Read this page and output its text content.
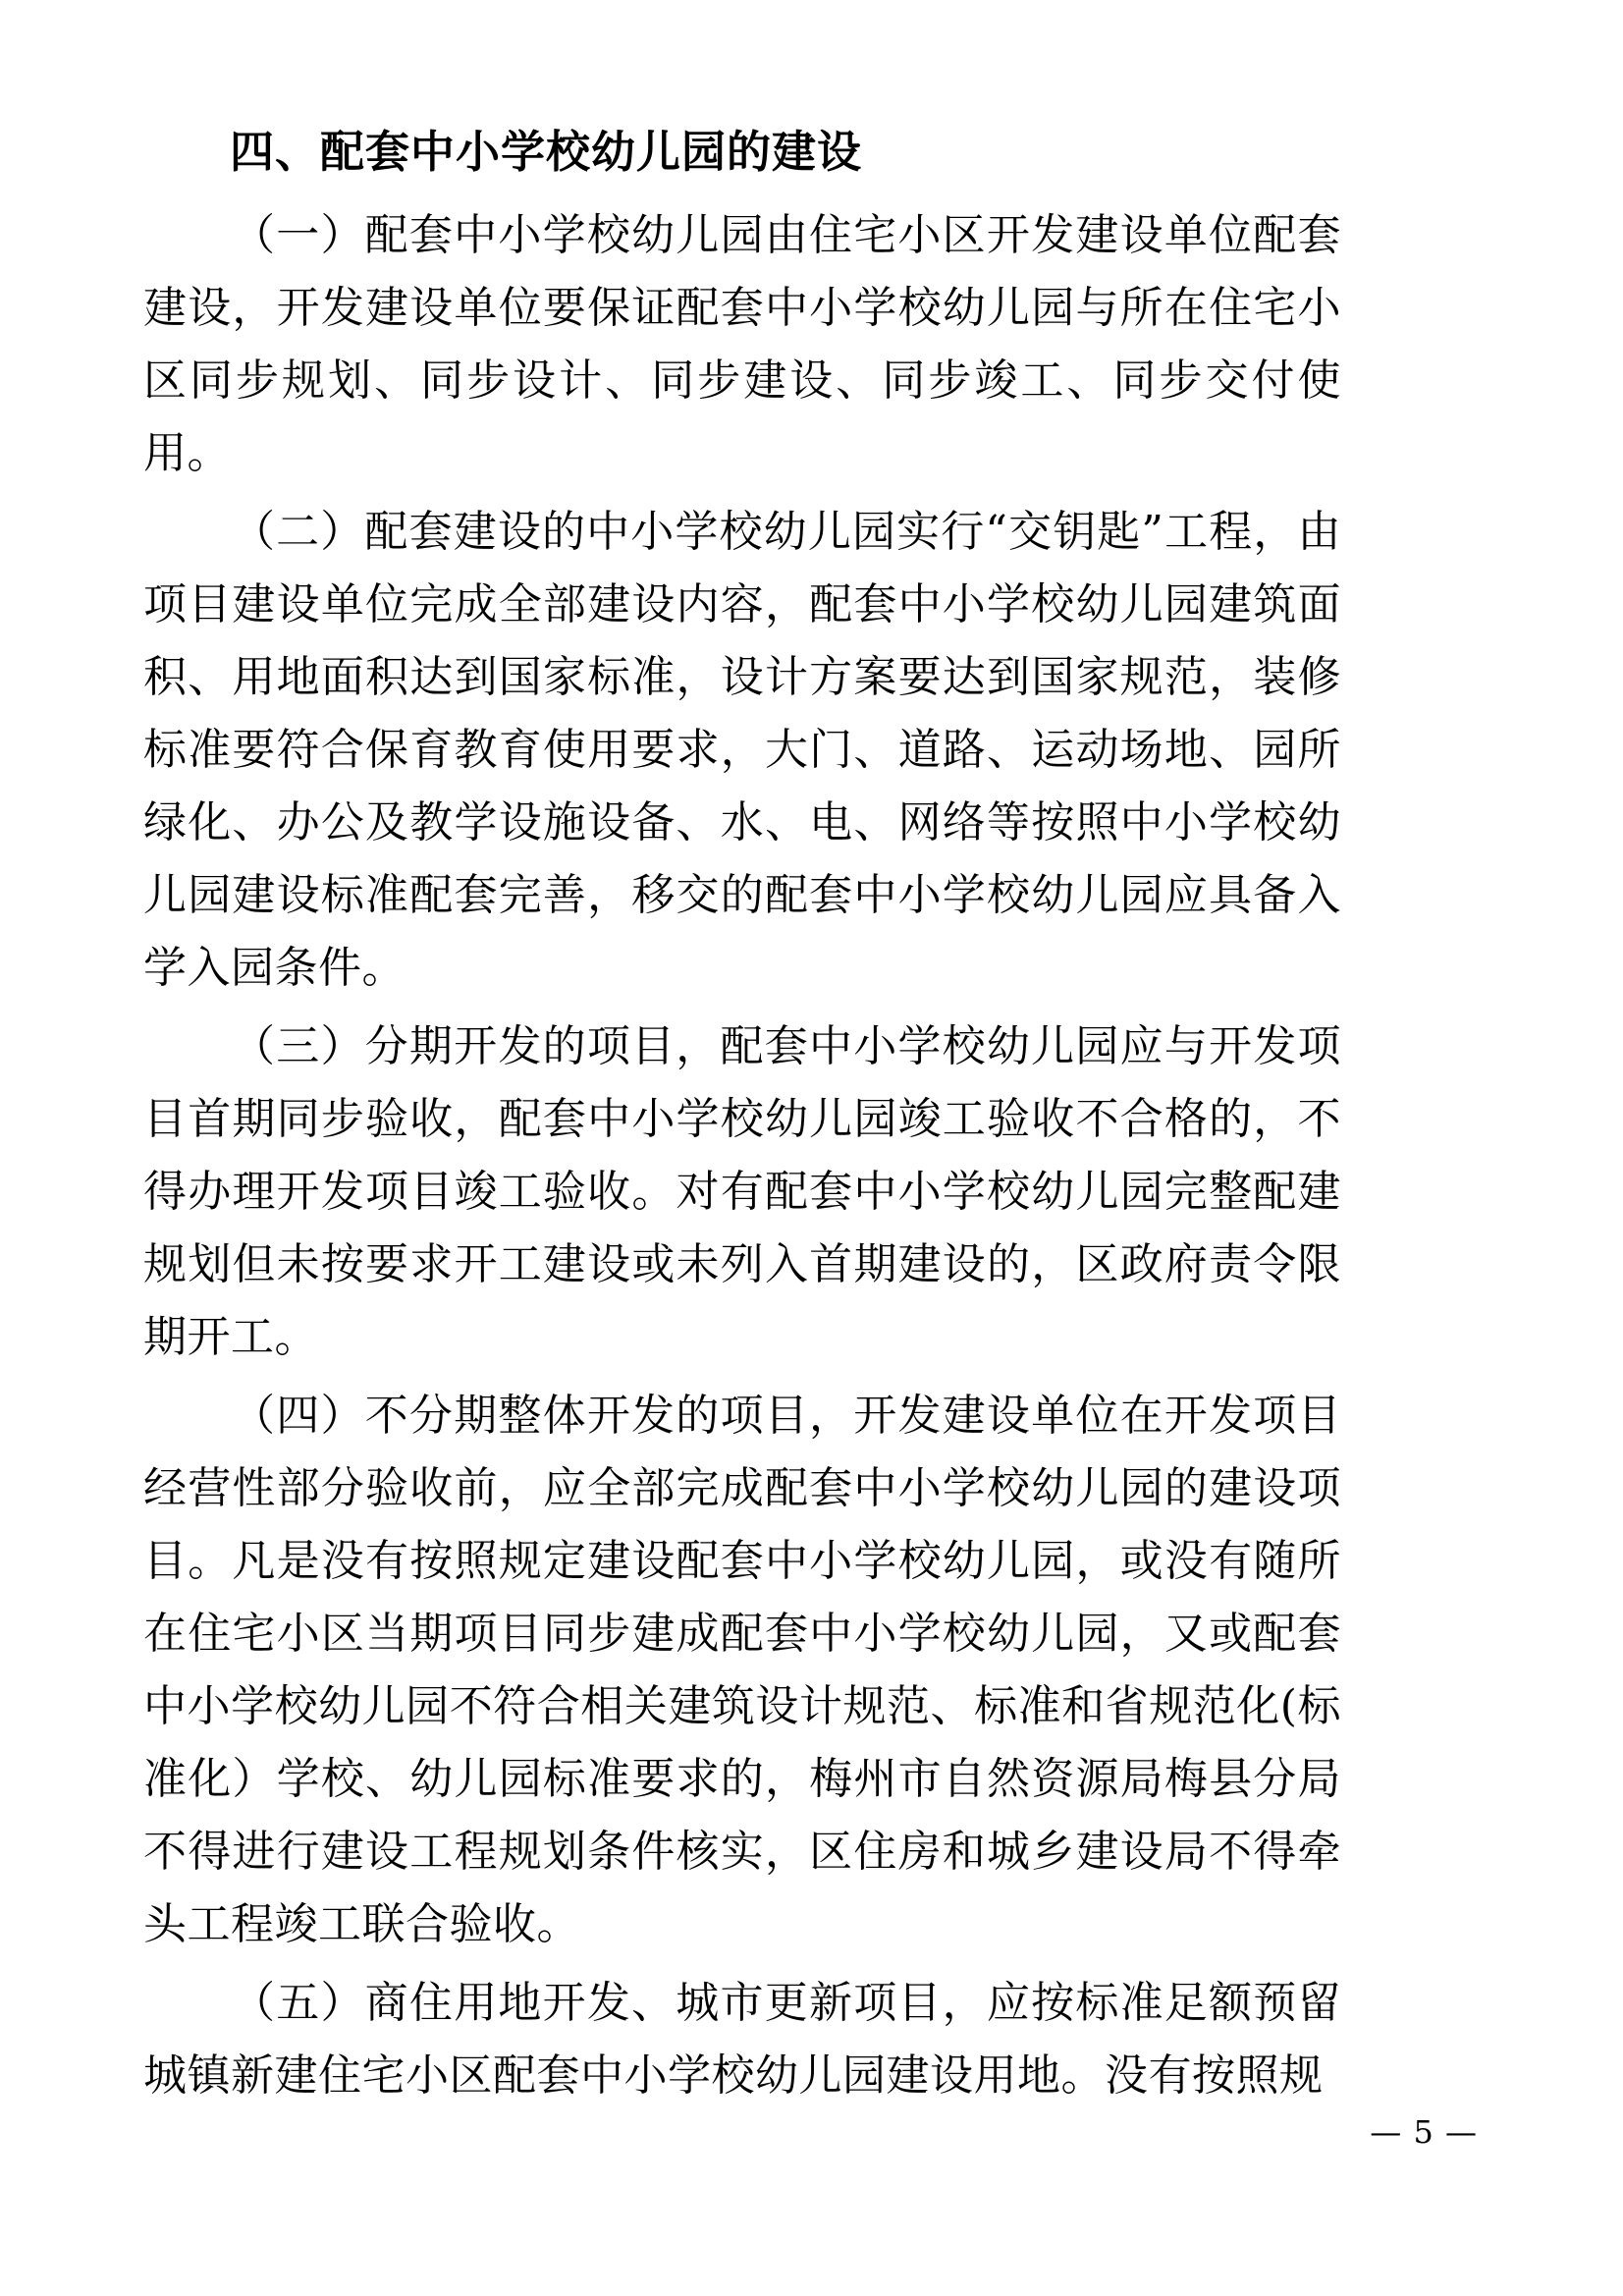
四、配套中小学校幼儿园的建设

（一）配套中小学校幼儿园由住宅小区开发建设单位配套建设，开发建设单位要保证配套中小学校幼儿园与所在住宅小区同步规划、同步设计、同步建设、同步竣工、同步交付使用。

（二）配套建设的中小学校幼儿园实行“交钥匙”工程，由项目建设单位完成全部建设内容，配套中小学校幼儿园建筑面积、用地面积达到国家标准，设计方案要达到国家规范，装修标准要符合保育教育使用要求，大门、道路、运动场地、园所绿化、办公及教学设施设备、水、电、网络等按照中小学校幼儿园建设标准配套完善，移交的配套中小学校幼儿园应具备入学入园条件。

（三）分期开发的项目，配套中小学校幼儿园应与开发项目首期同步验收，配套中小学校幼儿园竣工验收不合格的，不得办理开发项目竣工验收。对有配套中小学校幼儿园完整配建规划但未按要求开工建设或未列入首期建设的，区政府责令限期开工。

（四）不分期整体开发的项目，开发建设单位在开发项目经营性部分验收前，应全部完成配套中小学校幼儿园的建设项目。凡是没有按照规定建设配套中小学校幼儿园，或没有随所在住宅小区当期项目同步建成配套中小学校幼儿园，又或配套中小学校幼儿园不符合相关建筑设计规范、标准和省规范化(标准化）学校、幼儿园标准要求的，梅州市自然资源局梅县分局不得进行建设工程规划条件核实，区住房和城乡建设局不得牵头工程竣工联合验收。

（五）商住用地开发、城市更新项目，应按标准足额预留城镇新建住宅小区配套中小学校幼儿园建设用地。没有按照规

— 5 —
